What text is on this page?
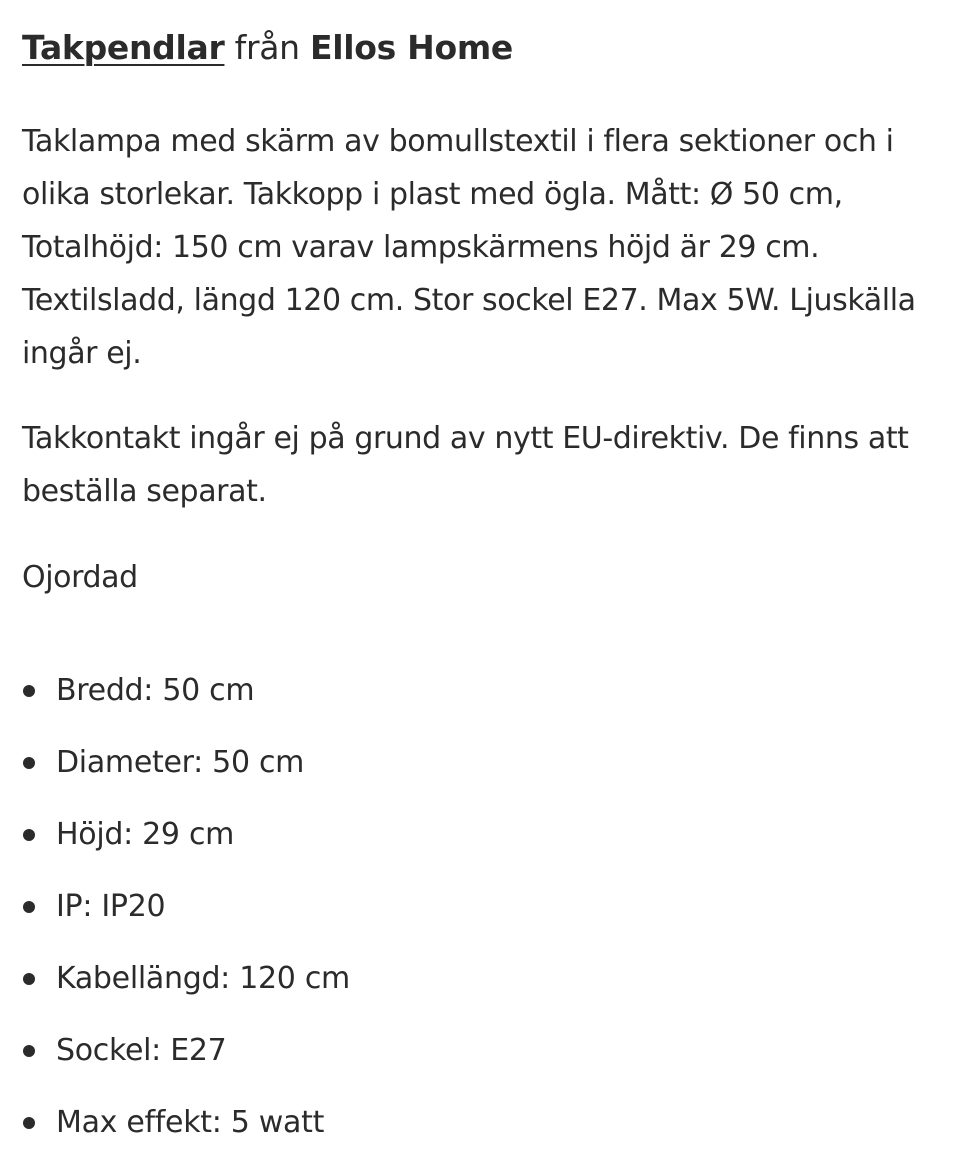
Takpendlar från Ellos Home

Taklampa med skärm av bomullstextil i flera sektioner och i olika storlekar. Takkopp i plast med ögla. Mått: Ø 50 cm, Totalhöjd: 150 cm varav lampskärmens höjd är 29 cm. Textilsladd, längd 120 cm. Stor sockel E27. Max 5W. Ljuskälla ingår ej.

Takkontakt ingår ej på grund av nytt EU-direktiv. De finns att beställa separat.

Ojordad

Bredd: 50 cm
Diameter: 50 cm
Höjd: 29 cm
IP: IP20
Kabellängd: 120 cm
Sockel: E27
Max effekt: 5 watt
